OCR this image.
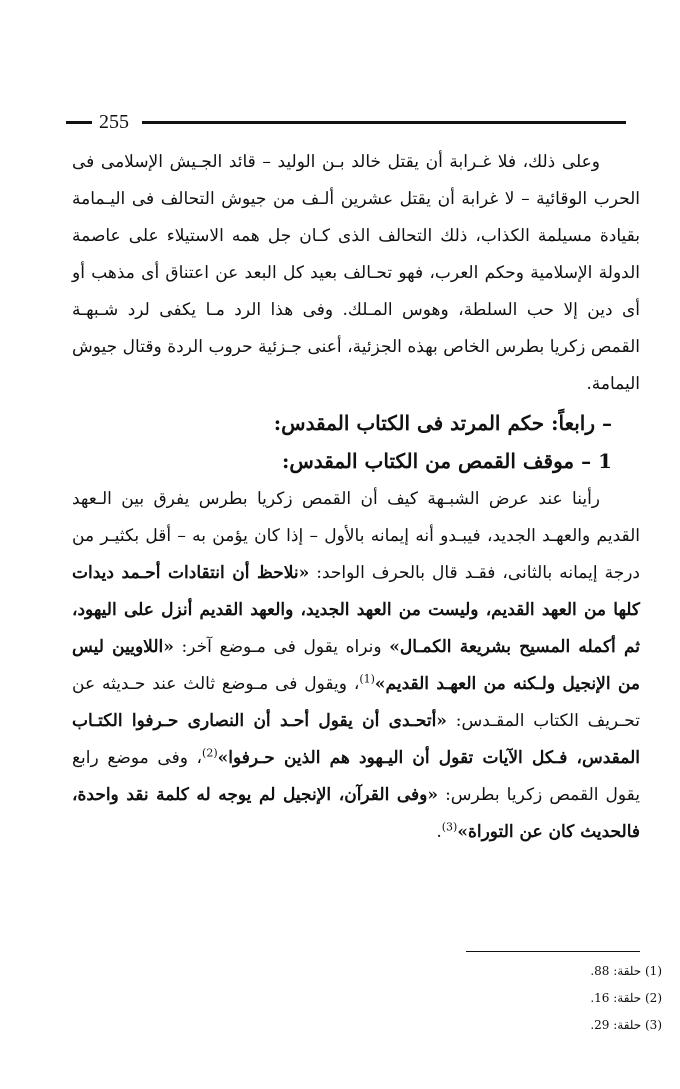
255

وعلى ذلك، فلا غـرابة أن يقتل خالد بـن الوليد – قائد الجـيش الإسلامى فى الحرب الوقائية – لا غرابة أن يقتل عشرين ألـف من جيوش التحالف فى اليـمامة بقيادة مسيلمة الكذاب، ذلك التحالف الذى كـان جل همه الاستيلاء على عاصمة الدولة الإسلامية وحكم العرب، فهو تحـالف بعيد كل البعد عن اعتناق أى مذهب أو أى دين إلا حب السلطة، وهوس المـلك. وفى هذا الرد مـا يكفى لرد شـبهـة القمص زكريا بطرس الخاص بهذه الجزئية، أعنى جـزئية حروب الردة وقتال جيوش اليمامة.

– رابعاً: حكم المرتد فى الكتاب المقدس:
1 – موقف القمص من الكتاب المقدس:

رأينا عند عرض الشبـهة كيف أن القمص زكريا بطرس يفرق بين الـعهد القديم والعهـد الجديد، فيبـدو أنه إيمانه بالأول – إذا كان يؤمن به – أقل بكثيـر من درجة إيمانه بالثانى، فقـد قال بالحرف الواحد: «نلاحظ أن انتقادات أحـمد ديدات كلها من العهد القديم، وليست من العهد الجديد، والعهد القديم أنزل على اليهود، ثم أكمله المسيح بشريعة الكمـال» ونراه يقول فى مـوضع آخر: «اللاويين ليس من الإنجيل ولـكنه من العهـد القديم»$^{(1)}$، ويقول فى مـوضع ثالث عند حـديثه عن تحـريف الكتاب المقـدس: «أتحـدى أن يقول أحـد أن النصارى حـرفوا الكتـاب المقدس، فـكل الآيات تقول أن اليـهود هم الذين حـرفوا»$^{(2)}$، وفى موضع رابع يقول القمص زكريا بطرس: «وفى القرآن، الإنجيل لم يوجه له كلمة نقد واحدة، فالحديث كان عن التوراة»$^{(3)}$.

(1) حلقة: 88.
(2) حلقة: 16.
(3) حلقة: 29.
